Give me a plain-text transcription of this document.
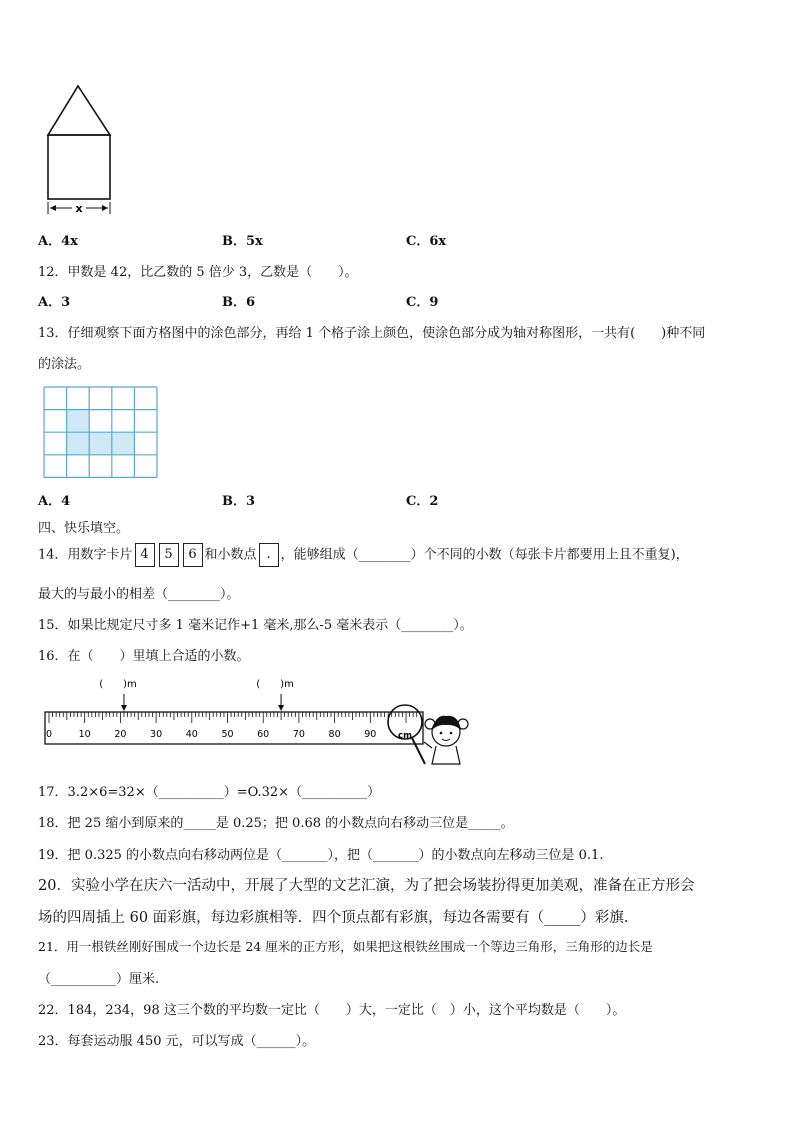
x
A．4x	B．5x	C．6x
12．甲数是 42，比乙数的 5 倍少 3，乙数是（　　）。
A．3	B．6	C．9
13．仔细观察下面方格图中的涂色部分，再给 1 个格子涂上颜色，使涂色部分成为轴对称图形，一共有(　　)种不同
的涂法。
A．4	B．3	C．2
四、快乐填空。
14．用数字卡片 4 5 6 和小数点 . ，能够组成（________）个不同的小数（每张卡片都要用上且不重复)，
最大的与最小的相差（________）。
15．如果比规定尺寸多 1 毫米记作+1 毫米,那么-5 毫米表示（________）。
16．在（　　）里填上合适的小数。
0	10 20 30 40 50 60 70 80 90
(　　)m	(　　)m
cm
17．3.2×6=32×（__________）=O.32×（__________）
18．把 25 缩小到原来的_____是 0.25；把 0.68 的小数点向右移动三位是_____。
19．把 0.325 的小数点向右移动两位是（_______），把（_______）的小数点向左移动三位是 0.1.
20．实验小学在庆六一活动中，开展了大型的文艺汇演，为了把会场装扮得更加美观，准备在正方形会
场的四周插上 60 面彩旗，每边彩旗相等．四个顶点都有彩旗，每边各需要有（_____）彩旗.
21．用一根铁丝刚好围成一个边长是 24 厘米的正方形，如果把这根铁丝围成一个等边三角形，三角形的边长是
（__________）厘米.
22．184，234，98 这三个数的平均数一定比（　　）大，一定比（　）小，这个平均数是（　　）。
23．每套运动服 450 元，可以写成（______）。
